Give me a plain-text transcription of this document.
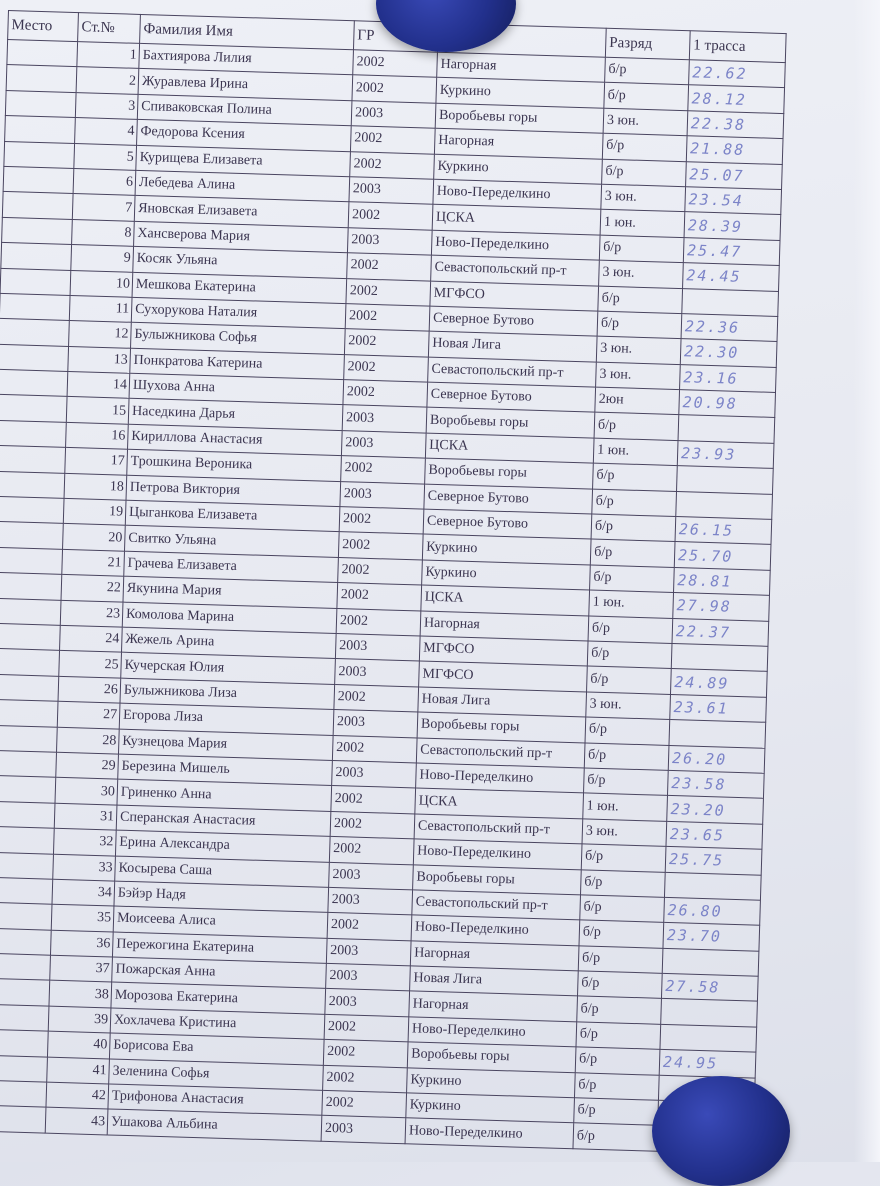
Место	Ст.№	Фамилия Имя	ГР		Разряд	1 трасса
	1	Бахтиярова Лилия	2002	Нагорная	б/р	22.62
	2	Журавлева Ирина	2002	Куркино	б/р	28.12
	3	Спиваковская Полина	2003	Воробьевы горы	3 юн.	22.38
	4	Федорова Ксения	2002	Нагорная	б/р	21.88
	5	Курищева Елизавета	2002	Куркино	б/р	25.07
	6	Лебедева Алина	2003	Ново-Переделкино	3 юн.	23.54
	7	Яновская Елизавета	2002	ЦСКА	1 юн.	28.39
	8	Хансверова Мария	2003	Ново-Переделкино	б/р	25.47
	9	Косяк Ульяна	2002	Севастопольский пр-т	3 юн.	24.45
	10	Мешкова Екатерина	2002	МГФСО	б/р	
	11	Сухорукова Наталия	2002	Северное Бутово	б/р	22.36
	12	Булыжникова Софья	2002	Новая Лига	3 юн.	22.30
	13	Понкратова Катерина	2002	Севастопольский пр-т	3 юн.	23.16
	14	Шухова Анна	2002	Северное Бутово	2юн	20.98
	15	Наседкина Дарья	2003	Воробьевы горы	б/р	
	16	Кириллова Анастасия	2003	ЦСКА	1 юн.	23.93
	17	Трошкина Вероника	2002	Воробьевы горы	б/р	
	18	Петрова Виктория	2003	Северное Бутово	б/р	
	19	Цыганкова Елизавета	2002	Северное Бутово	б/р	26.15
	20	Свитко Ульяна	2002	Куркино	б/р	25.70
	21	Грачева Елизавета	2002	Куркино	б/р	28.81
	22	Якунина Мария	2002	ЦСКА	1 юн.	27.98
	23	Комолова Марина	2002	Нагорная	б/р	22.37
	24	Жежель Арина	2003	МГФСО	б/р	
	25	Кучерская Юлия	2003	МГФСО	б/р	24.89
	26	Булыжникова Лиза	2002	Новая Лига	3 юн.	23.61
	27	Егорова Лиза	2003	Воробьевы горы	б/р	
	28	Кузнецова Мария	2002	Севастопольский пр-т	б/р	26.20
	29	Березина Мишель	2003	Ново-Переделкино	б/р	23.58
	30	Гриненко Анна	2002	ЦСКА	1 юн.	23.20
	31	Сперанская Анастасия	2002	Севастопольский пр-т	3 юн.	23.65
	32	Ерина Александра	2002	Ново-Переделкино	б/р	25.75
	33	Косырева Саша	2003	Воробьевы горы	б/р	
	34	Бэйэр Надя	2003	Севастопольский пр-т	б/р	26.80
	35	Моисеева Алиса	2002	Ново-Переделкино	б/р	23.70
	36	Пережогина Екатерина	2003	Нагорная	б/р	
	37	Пожарская Анна	2003	Новая Лига	б/р	27.58
	38	Морозова Екатерина	2003	Нагорная	б/р	
	39	Хохлачева Кристина	2002	Ново-Переделкино	б/р	
	40	Борисова Ева	2002	Воробьевы горы	б/р	24.95
	41	Зеленина Софья	2002	Куркино	б/р	
	42	Трифонова Анастасия	2002	Куркино	б/р	
	43	Ушакова Альбина	2003	Ново-Переделкино	б/р	
